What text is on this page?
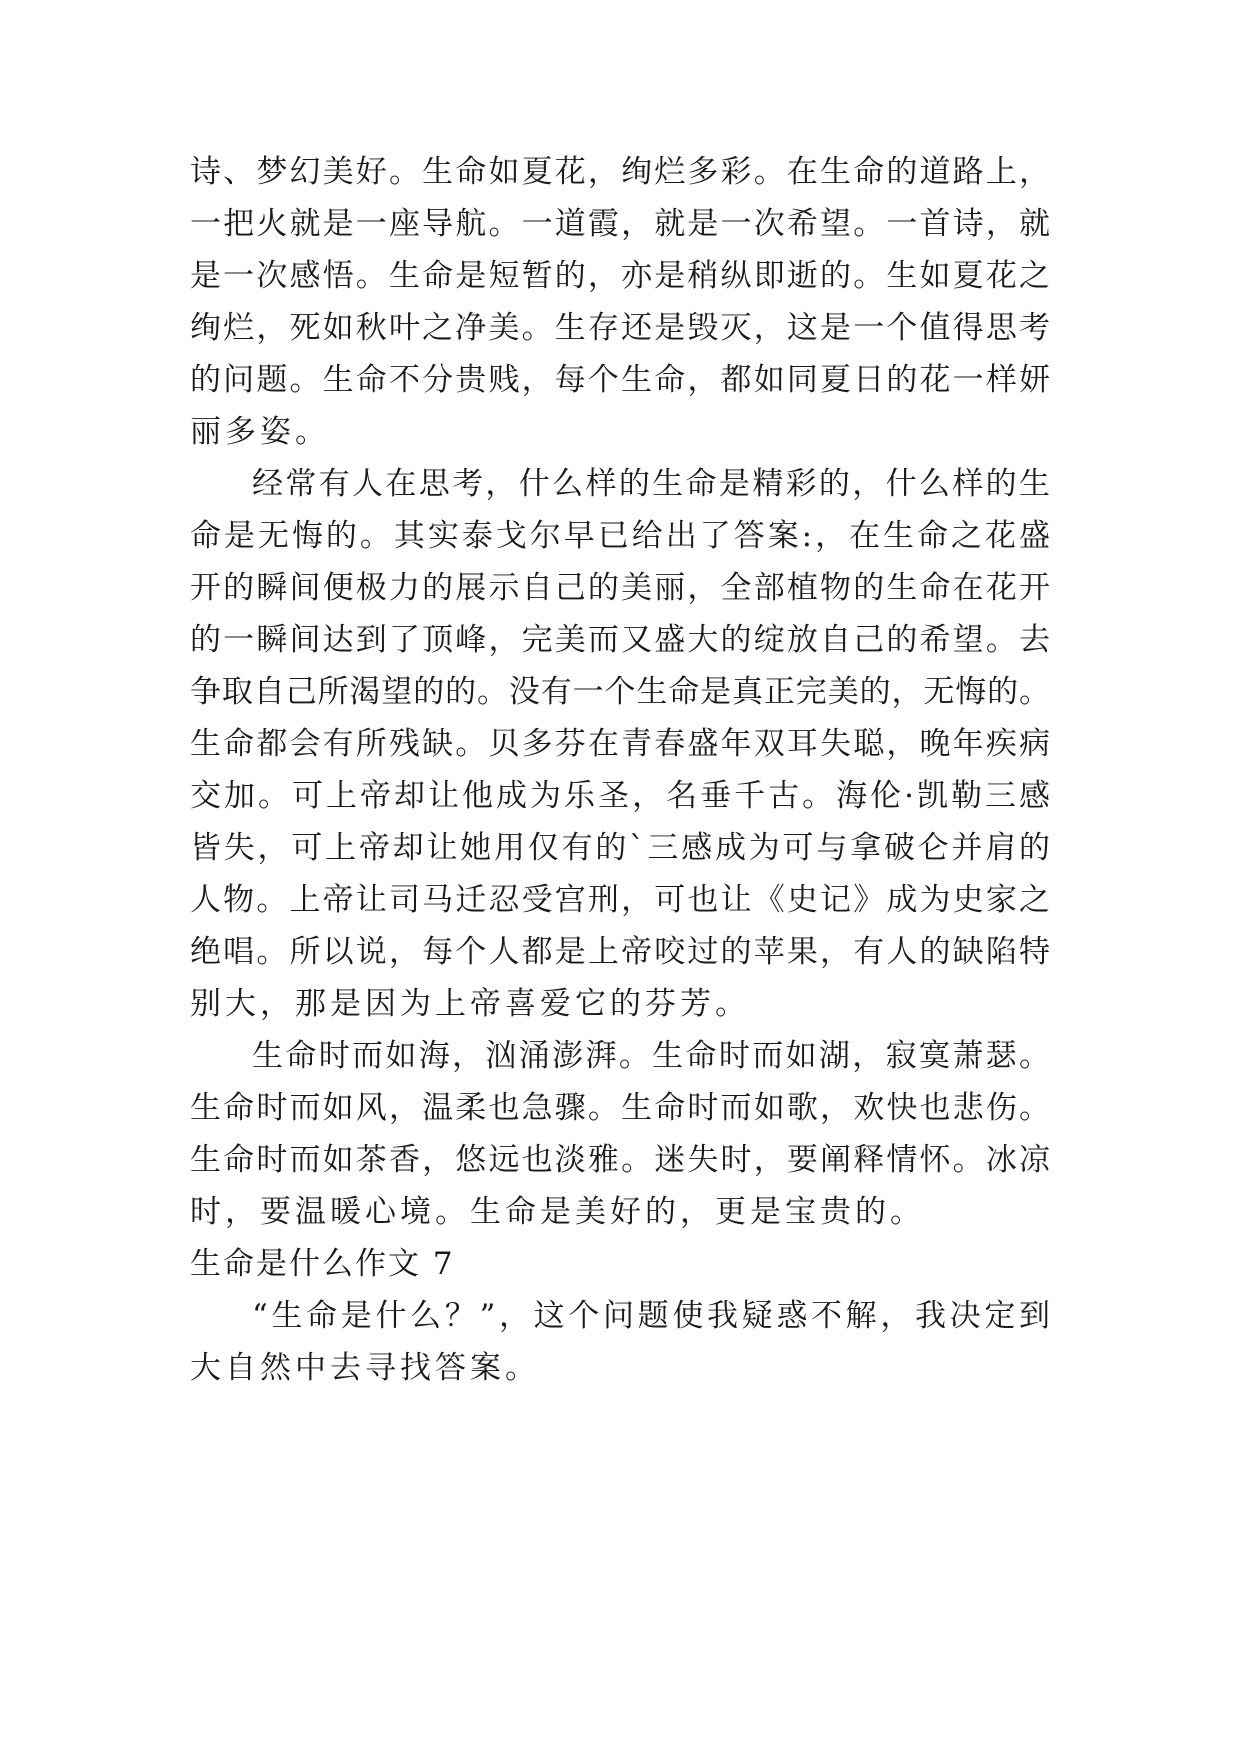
诗、梦幻美好。生命如夏花，绚烂多彩。在生命的道路上，
一把火就是一座导航。一道霞，就是一次希望。一首诗，就
是一次感悟。生命是短暂的，亦是稍纵即逝的。生如夏花之
绚烂，死如秋叶之净美。生存还是毁灭，这是一个值得思考
的问题。生命不分贵贱，每个生命，都如同夏日的花一样妍
丽多姿。
经常有人在思考，什么样的生命是精彩的，什么样的生
命是无悔的。其实泰戈尔早已给出了答案:，在生命之花盛
开的瞬间便极力的展示自己的美丽，全部植物的生命在花开
的一瞬间达到了顶峰，完美而又盛大的绽放自己的希望。去
争取自己所渴望的的。没有一个生命是真正完美的，无悔的。
生命都会有所残缺。贝多芬在青春盛年双耳失聪，晚年疾病
交加。可上帝却让他成为乐圣，名垂千古。海伦·凯勒三感
皆失，可上帝却让她用仅有的`三感成为可与拿破仑并肩的
人物。上帝让司马迁忍受宫刑，可也让《史记》成为史家之
绝唱。所以说，每个人都是上帝咬过的苹果，有人的缺陷特
别大，那是因为上帝喜爱它的芬芳。
生命时而如海，汹涌澎湃。生命时而如湖，寂寞萧瑟。
生命时而如风，温柔也急骤。生命时而如歌，欢快也悲伤。
生命时而如茶香，悠远也淡雅。迷失时，要阐释情怀。冰凉
时，要温暖心境。生命是美好的，更是宝贵的。
生命是什么作文 7
“生命是什么？”，这个问题使我疑惑不解，我决定到
大自然中去寻找答案。
